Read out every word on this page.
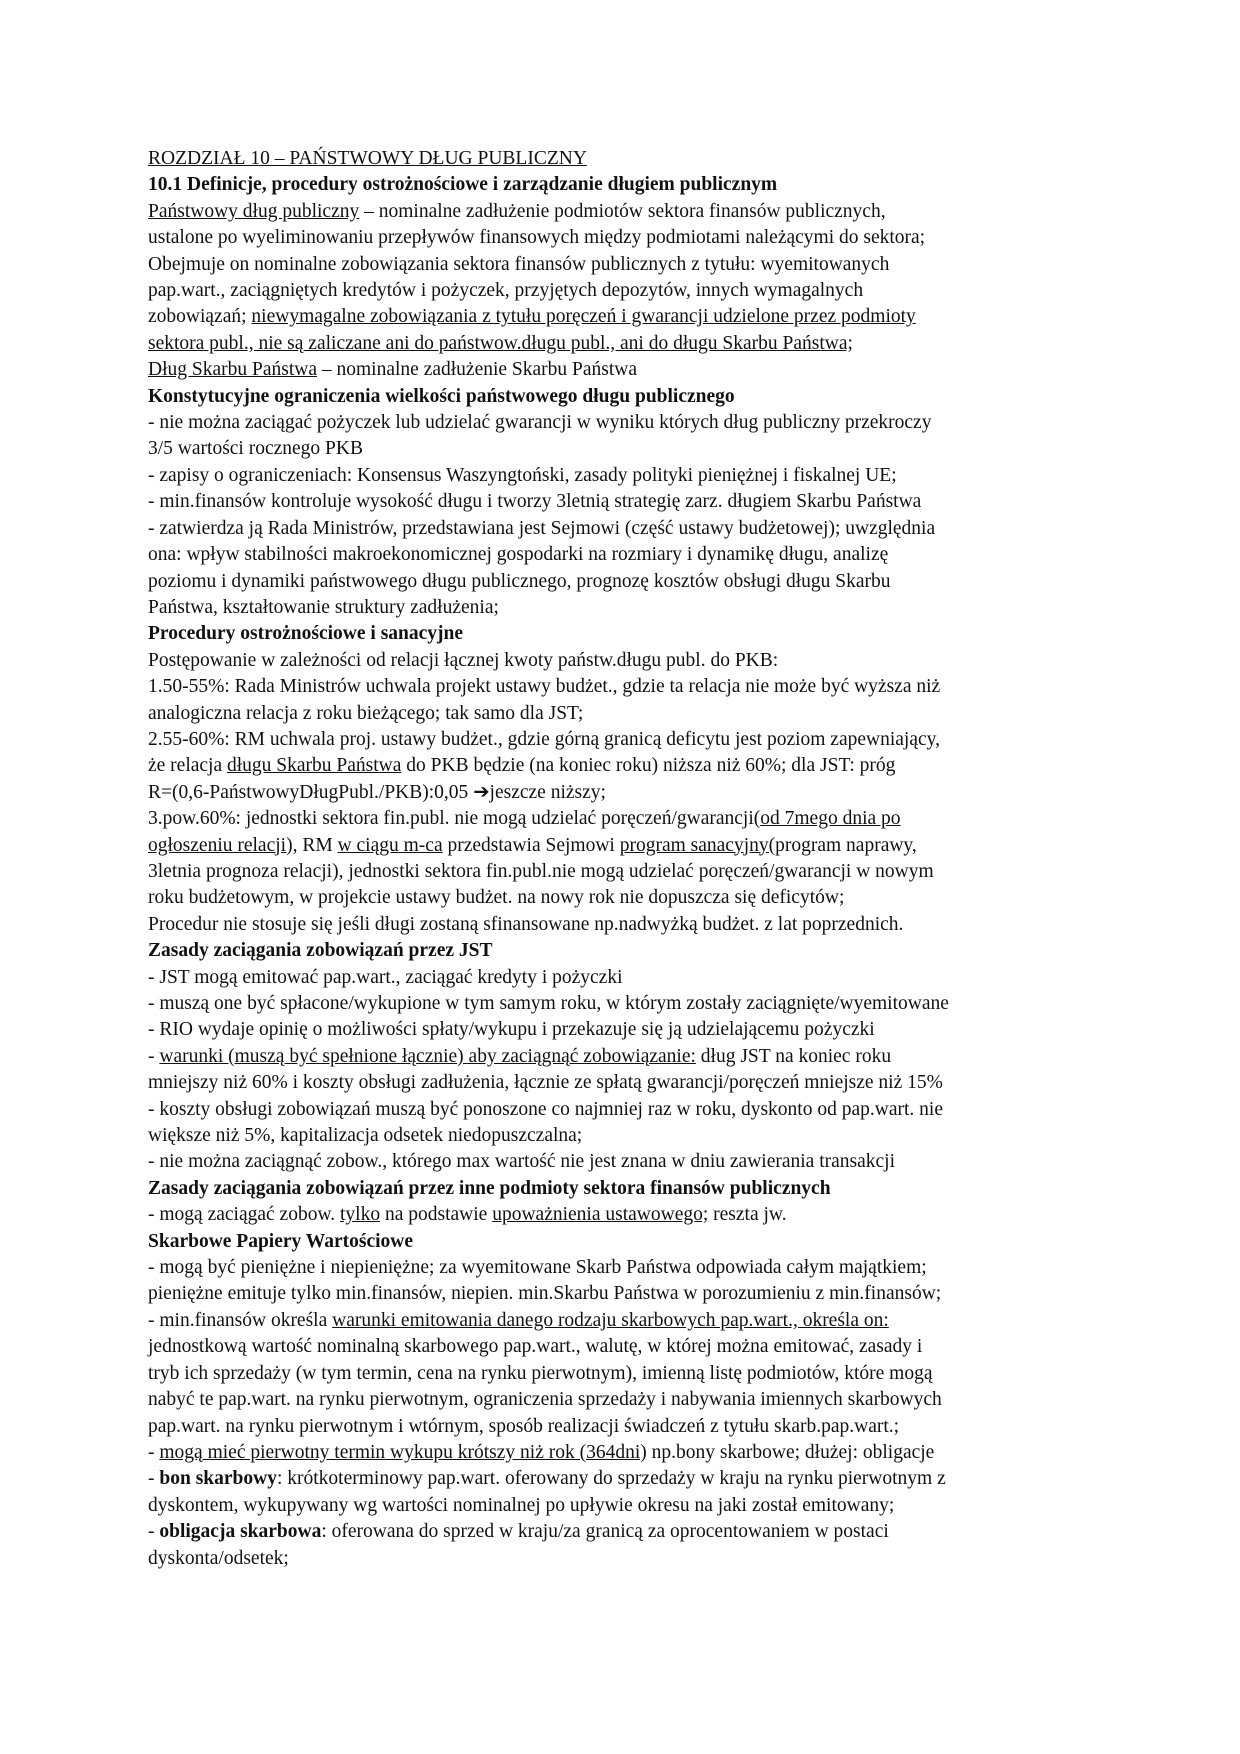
ROZDZIAŁ 10 – PAŃSTWOWY DŁUG PUBLICZNY
10.1 Definicje, procedury ostrożnościowe i zarządzanie długiem publicznym
Państwowy dług publiczny – nominalne zadłużenie podmiotów sektora finansów publicznych,
ustalone po wyeliminowaniu przepływów finansowych między podmiotami należącymi do sektora;
Obejmuje on nominalne zobowiązania sektora finansów publicznych z tytułu: wyemitowanych
pap.wart., zaciągniętych kredytów i pożyczek, przyjętych depozytów, innych wymagalnych
zobowiązań; niewymagalne zobowiązania z tytułu poręczeń i gwarancji udzielone przez podmioty
sektora publ., nie są zaliczane ani do państwow.długu publ., ani do długu Skarbu Państwa;
Dług Skarbu Państwa – nominalne zadłużenie Skarbu Państwa
Konstytucyjne ograniczenia wielkości państwowego długu publicznego
- nie można zaciągać pożyczek lub udzielać gwarancji w wyniku których dług publiczny przekroczy
3/5 wartości rocznego PKB
- zapisy o ograniczeniach: Konsensus Waszyngtoński, zasady polityki pieniężnej i fiskalnej UE;
- min.finansów kontroluje wysokość długu i tworzy 3letnią strategię zarz. długiem Skarbu Państwa
- zatwierdza ją Rada Ministrów, przedstawiana jest Sejmowi (część ustawy budżetowej); uwzględnia
ona: wpływ stabilności makroekonomicznej gospodarki na rozmiary i dynamikę długu, analizę
poziomu i dynamiki państwowego długu publicznego, prognozę kosztów obsługi długu Skarbu
Państwa, kształtowanie struktury zadłużenia;
Procedury ostrożnościowe i sanacyjne
Postępowanie w zależności od relacji łącznej kwoty państw.długu publ. do PKB:
1.50-55%: Rada Ministrów uchwala projekt ustawy budżet., gdzie ta relacja nie może być wyższa niż
analogiczna relacja z roku bieżącego; tak samo dla JST;
2.55-60%: RM uchwala proj. ustawy budżet., gdzie górną granicą deficytu jest poziom zapewniający,
że relacja długu Skarbu Państwa do PKB będzie (na koniec roku) niższa niż 60%; dla JST: próg
R=(0,6-PaństwowyDługPubl./PKB):0,05 ➔jeszcze niższy;
3.pow.60%: jednostki sektora fin.publ. nie mogą udzielać poręczeń/gwarancji(od 7mego dnia po
ogłoszeniu relacji), RM w ciągu m-ca przedstawia Sejmowi program sanacyjny(program naprawy,
3letnia prognoza relacji), jednostki sektora fin.publ.nie mogą udzielać poręczeń/gwarancji w nowym
roku budżetowym, w projekcie ustawy budżet. na nowy rok nie dopuszcza się deficytów;
Procedur nie stosuje się jeśli długi zostaną sfinansowane np.nadwyżką budżet. z lat poprzednich.
Zasady zaciągania zobowiązań przez JST
- JST mogą emitować pap.wart., zaciągać kredyty i pożyczki
- muszą one być spłacone/wykupione w tym samym roku, w którym zostały zaciągnięte/wyemitowane
- RIO wydaje opinię o możliwości spłaty/wykupu i przekazuje się ją udzielającemu pożyczki
- warunki (muszą być spełnione łącznie) aby zaciągnąć zobowiązanie: dług JST na koniec roku
mniejszy niż 60% i koszty obsługi zadłużenia, łącznie ze spłatą gwarancji/poręczeń mniejsze niż 15%
- koszty obsługi zobowiązań muszą być ponoszone co najmniej raz w roku, dyskonto od pap.wart. nie
większe niż 5%, kapitalizacja odsetek niedopuszczalna;
- nie można zaciągnąć zobow., którego max wartość nie jest znana w dniu zawierania transakcji
Zasady zaciągania zobowiązań przez inne podmioty sektora finansów publicznych
- mogą zaciągać zobow. tylko na podstawie upoważnienia ustawowego; reszta jw.
Skarbowe Papiery Wartościowe
- mogą być pieniężne i niepieniężne; za wyemitowane Skarb Państwa odpowiada całym majątkiem;
pieniężne emituje tylko min.finansów, niepien. min.Skarbu Państwa w porozumieniu z min.finansów;
- min.finansów określa warunki emitowania danego rodzaju skarbowych pap.wart., określa on:
jednostkową wartość nominalną skarbowego pap.wart., walutę, w której można emitować, zasady i
tryb ich sprzedaży (w tym termin, cena na rynku pierwotnym), imienną listę podmiotów, które mogą
nabyć te pap.wart. na rynku pierwotnym, ograniczenia sprzedaży i nabywania imiennych skarbowych
pap.wart. na rynku pierwotnym i wtórnym, sposób realizacji świadczeń z tytułu skarb.pap.wart.;
- mogą mieć pierwotny termin wykupu krótszy niż rok (364dni) np.bony skarbowe; dłużej: obligacje
- bon skarbowy: krótkoterminowy pap.wart. oferowany do sprzedaży w kraju na rynku pierwotnym z
dyskontem, wykupywany wg wartości nominalnej po upływie okresu na jaki został emitowany;
- obligacja skarbowa: oferowana do sprzed w kraju/za granicą za oprocentowaniem w postaci
dyskonta/odsetek;
